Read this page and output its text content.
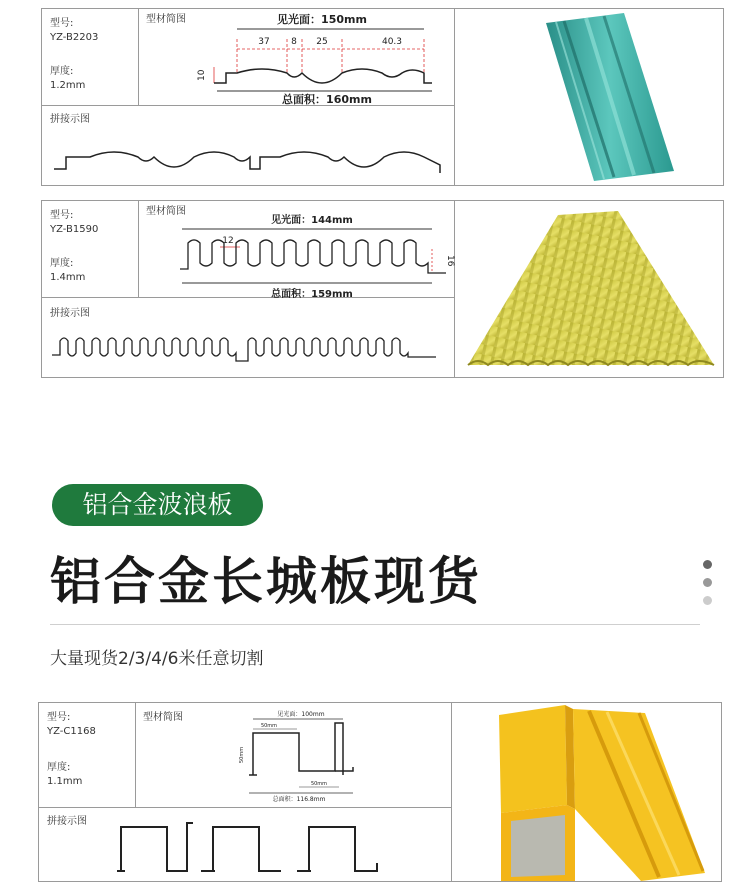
型号:
YZ-B2203
厚度:
1.2mm
型材简图
拼接示图
见光面：150mm
37 8 25	40.3
10
总面积：160mm
型号:
YZ-B1590
厚度:
1.4mm
型材简图
拼接示图
见光面：144mm
12
16
总面积：159mm
铝合金波浪板
铝合金长城板现货
大量现货2/3/4/6米任意切割
型号:
YZ-C1168
厚度:
1.1mm
型材简图
拼接示图
见光面：100mm
50mm
50mm
50mm
总面积：116.8mm
